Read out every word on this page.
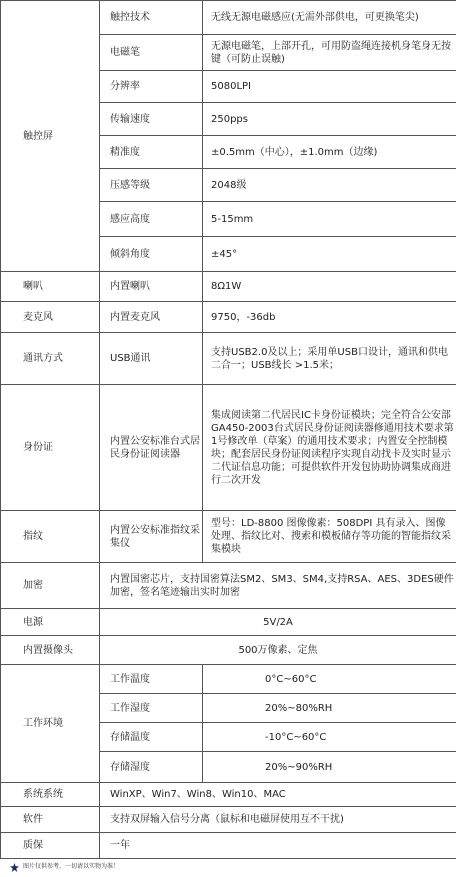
触控屏	触控技术	无线无源电磁感应(无需外部供电，可更换笔尖)
	电磁笔	无源电磁笔，上部开孔，可用防盗绳连接机身笔身无按键（可防止误触)
	分辨率	5080LPI
	传输速度	250pps
	精准度	±0.5mm（中心），±1.0mm（边缘)
	压感等级	2048级
	感应高度	5-15mm
	倾斜角度	±45°
喇叭	内置喇叭	8Ω1W
麦克风	内置麦克风	9750，-36db
通讯方式	USB通讯	支持USB2.0及以上；采用单USB口设计，通讯和供电二合一；USB线长 >1.5米；
身份证	内置公安标准台式居民身份证阅读器	集成阅读第二代居民IC卡身份证模块；完全符合公安部GA450-2003台式居民身份证阅读器修通用技术要求第1号修改单（草案）的通用技术要求；内置安全控制模块；配套居民身份证阅读程序实现自动找卡及实时显示二代证信息功能；可提供软件开发包协助协调集成商进行二次开发
指纹	内置公安标准指纹采集仪	型号：LD-8800 图像像素：508DPI 具有录入、图像处理、指纹比对、搜索和模板储存等功能的智能指纹采集模块
加密	内置国密芯片，支持国密算法SM2、SM3、SM4,支持RSA、AES、3DES硬件加密，签名笔迹输出实时加密	
电源	5V/2A	
内置摄像头	500万像素、定焦	
工作环境	工作温度	0°C~60°C
	工作湿度	20%~80%RH
	存储温度	-10°C~60°C
	存储湿度	20%~90%RH
系统系统	WinXP、Win7、Win8、Win10、MAC	
软件	支持双屏输入信号分离（鼠标和电磁屏使用互不干扰)	
质保	一年	
图片仅供参考，一切请以实物为准！
